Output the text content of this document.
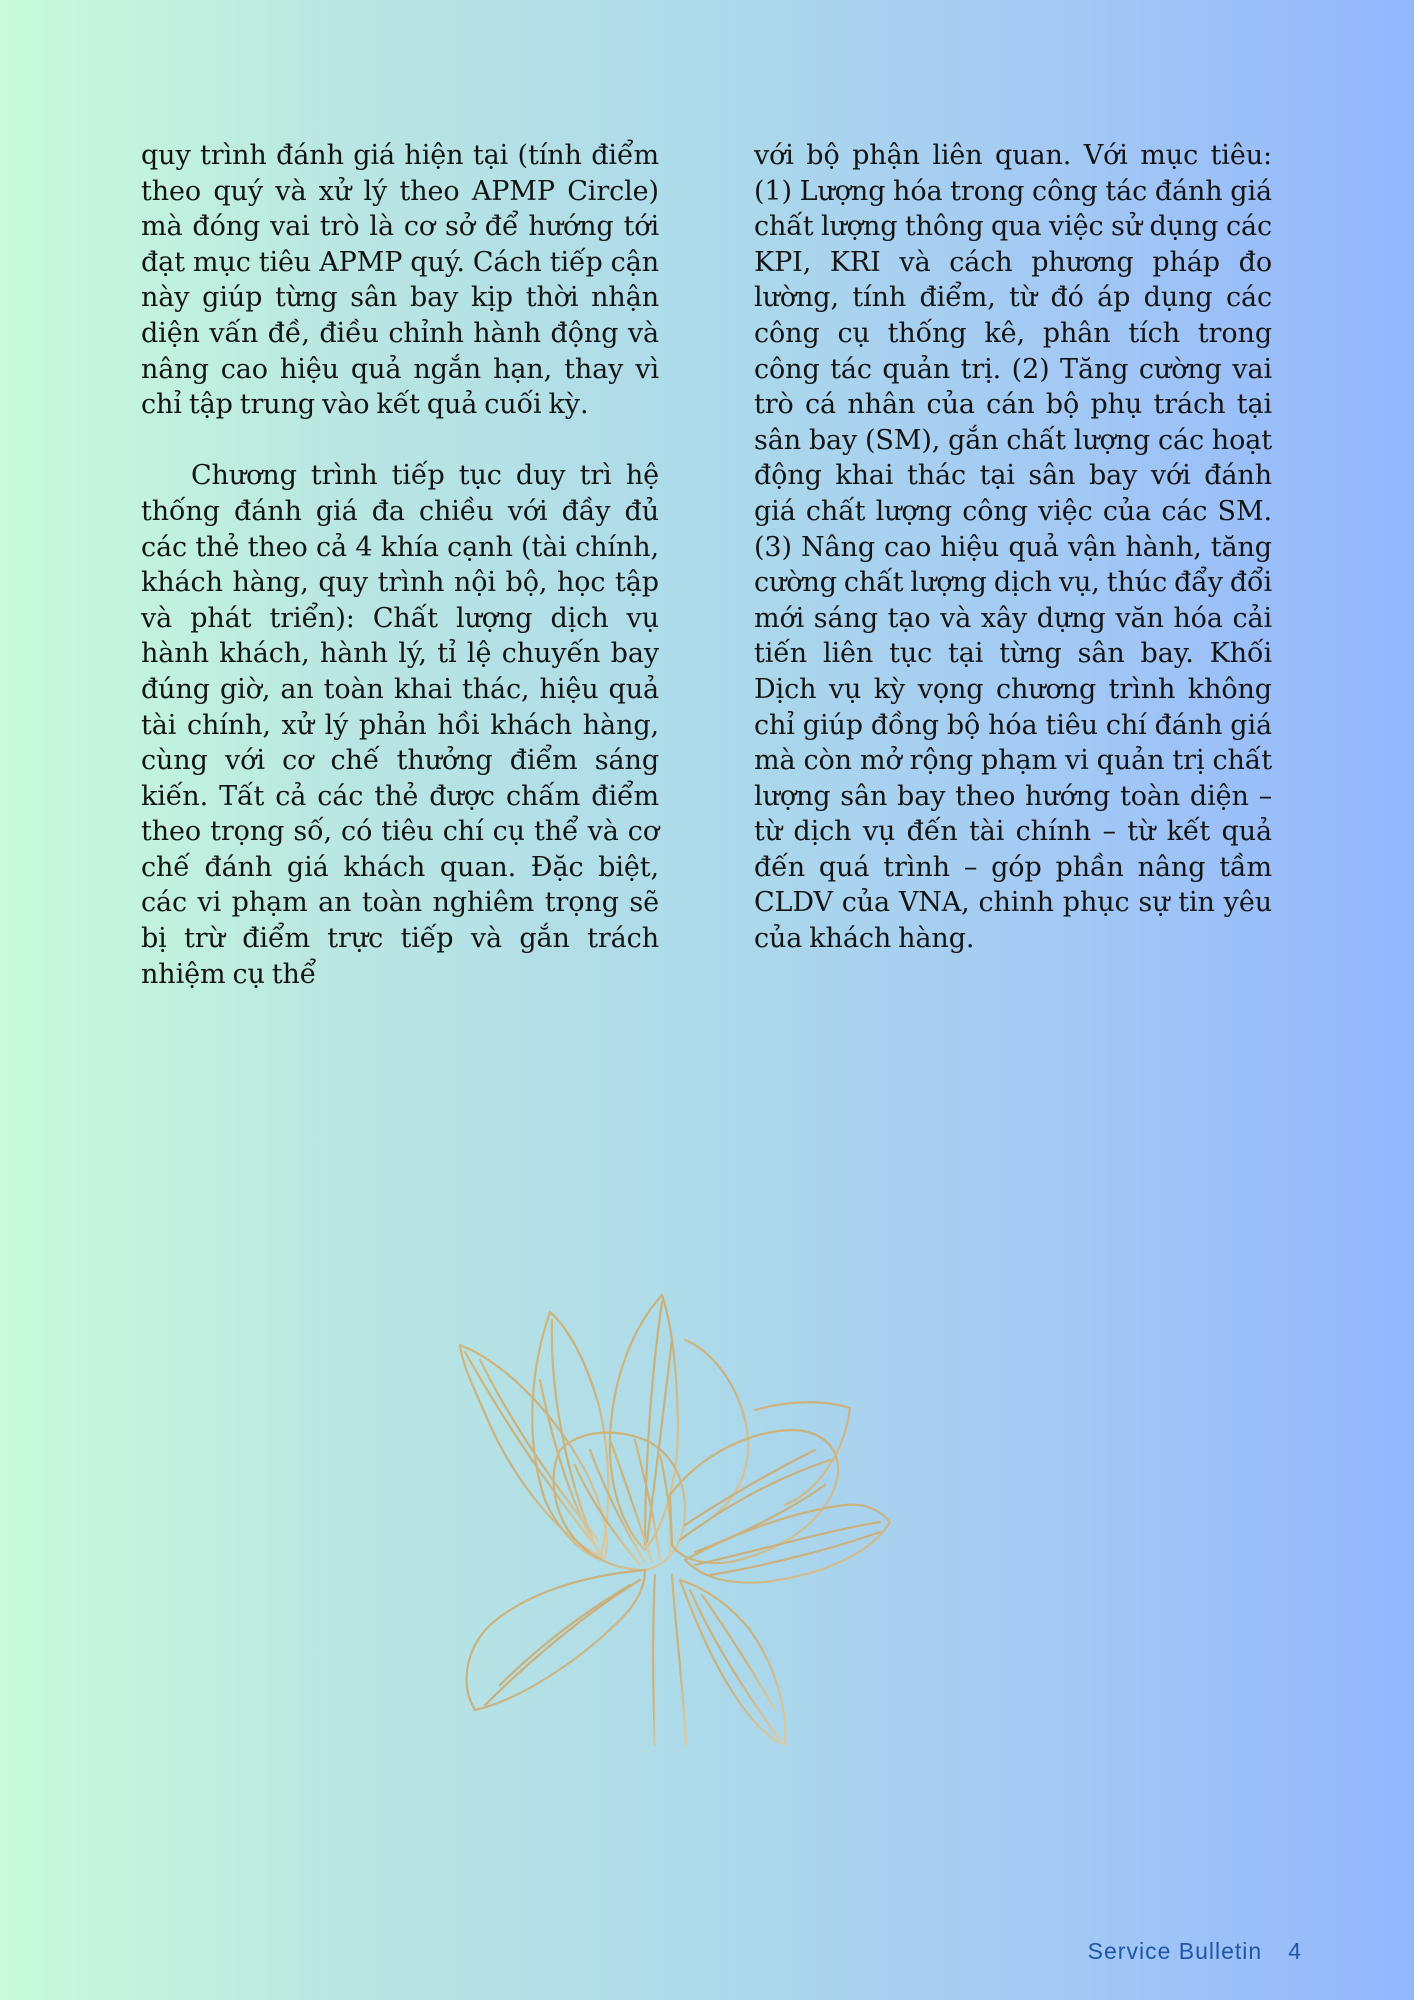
quy trình đánh giá hiện tại (tính điểm theo quý và xử lý theo APMP Circle) mà đóng vai trò là cơ sở để hướng tới đạt mục tiêu APMP quý. Cách tiếp cận này giúp từng sân bay kịp thời nhận diện vấn đề, điều chỉnh hành động và nâng cao hiệu quả ngắn hạn, thay vì chỉ tập trung vào kết quả cuối kỳ.

Chương trình tiếp tục duy trì hệ thống đánh giá đa chiều với đầy đủ các thẻ theo cả 4 khía cạnh (tài chính, khách hàng, quy trình nội bộ, học tập và phát triển): Chất lượng dịch vụ hành khách, hành lý, tỉ lệ chuyến bay đúng giờ, an toàn khai thác, hiệu quả tài chính, xử lý phản hồi khách hàng, cùng với cơ chế thưởng điểm sáng kiến. Tất cả các thẻ được chấm điểm theo trọng số, có tiêu chí cụ thể và cơ chế đánh giá khách quan. Đặc biệt, các vi phạm an toàn nghiêm trọng sẽ bị trừ điểm trực tiếp và gắn trách nhiệm cụ thể

với bộ phận liên quan. Với mục tiêu: (1) Lượng hóa trong công tác đánh giá chất lượng thông qua việc sử dụng các KPI, KRI và cách phương pháp đo lường, tính điểm, từ đó áp dụng các công cụ thống kê, phân tích trong công tác quản trị. (2) Tăng cường vai trò cá nhân của cán bộ phụ trách tại sân bay (SM), gắn chất lượng các hoạt động khai thác tại sân bay với đánh giá chất lượng công việc của các SM. (3) Nâng cao hiệu quả vận hành, tăng cường chất lượng dịch vụ, thúc đẩy đổi mới sáng tạo và xây dựng văn hóa cải tiến liên tục tại từng sân bay. Khối Dịch vụ kỳ vọng chương trình không chỉ giúp đồng bộ hóa tiêu chí đánh giá mà còn mở rộng phạm vi quản trị chất lượng sân bay theo hướng toàn diện – từ dịch vụ đến tài chính – từ kết quả đến quá trình – góp phần nâng tầm CLDV của VNA, chinh phục sự tin yêu của khách hàng.

Service Bulletin 4
